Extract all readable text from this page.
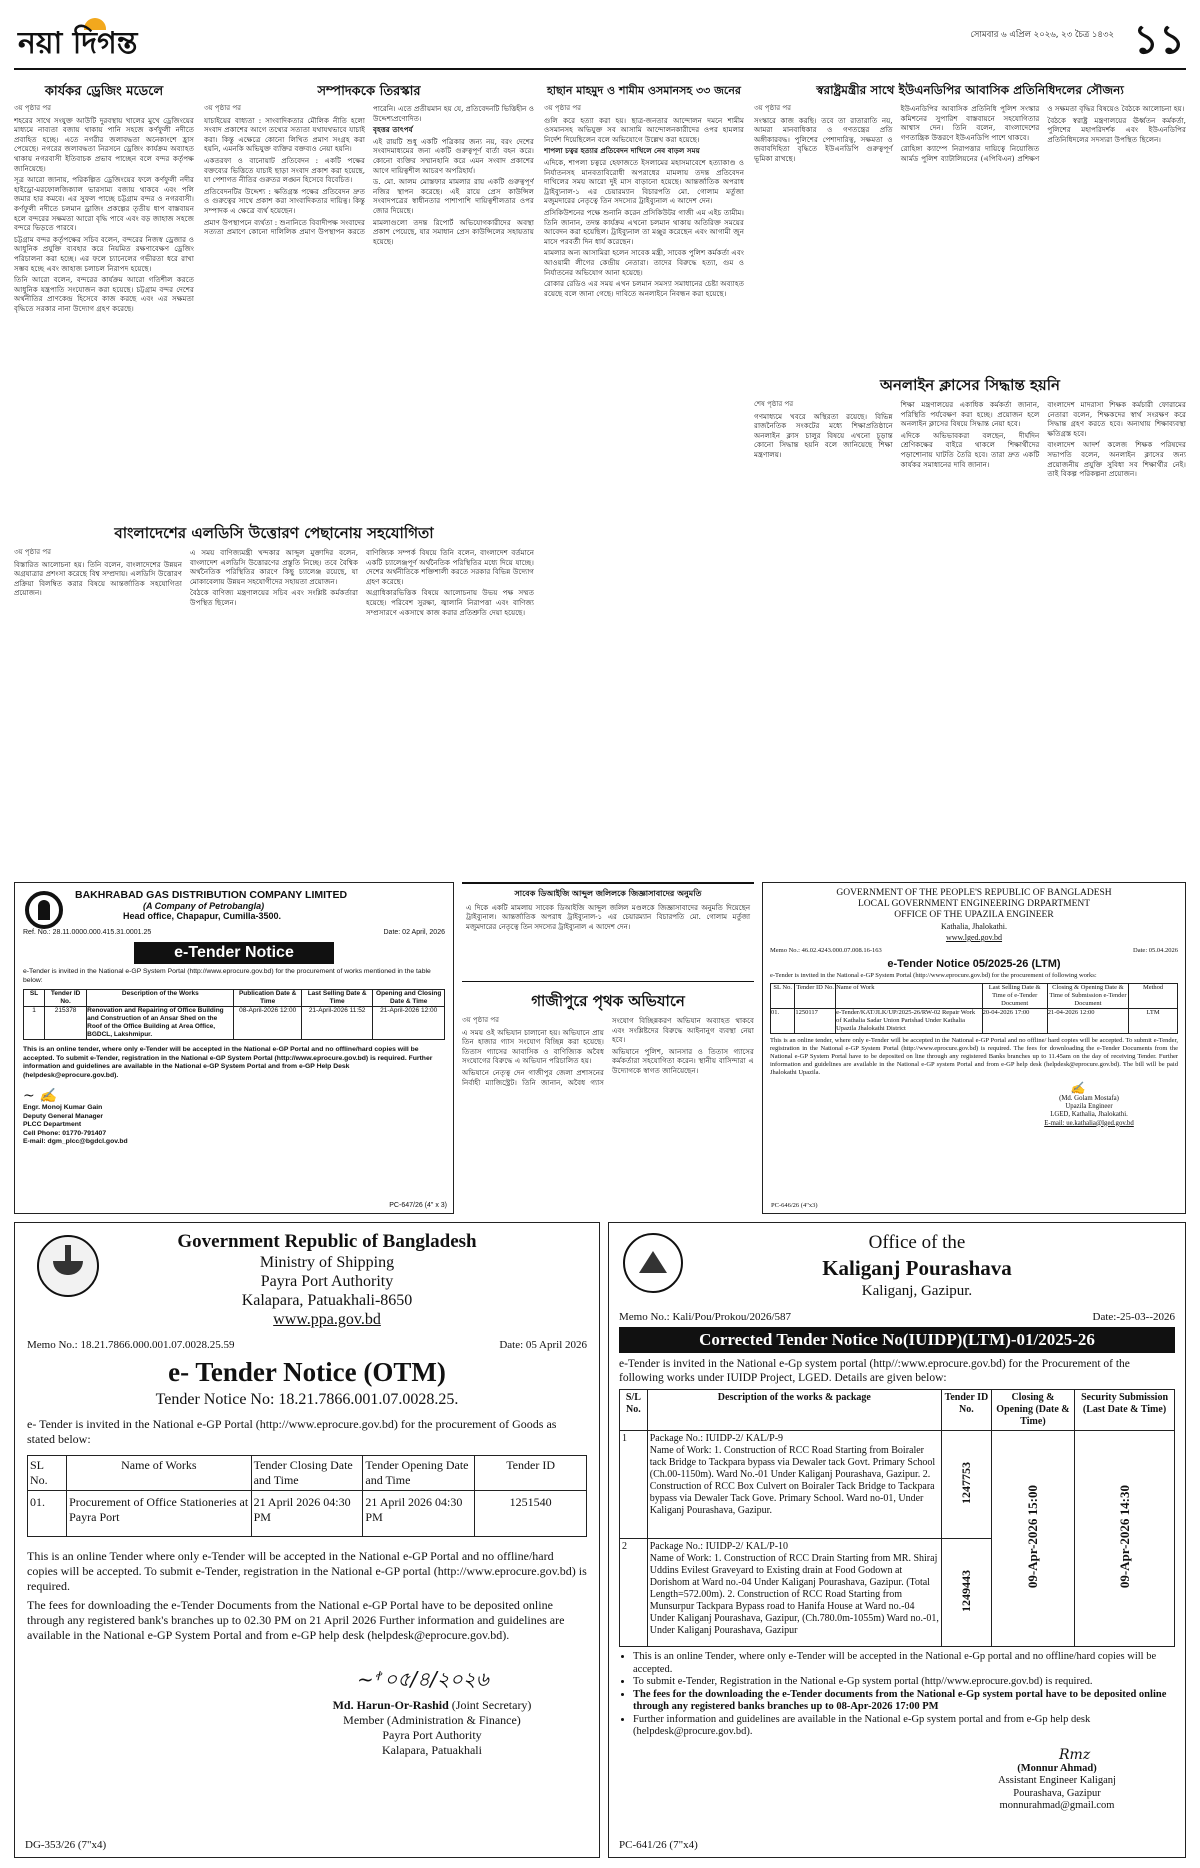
নয়া দিগন্ত	সোমবার ৬ এপ্রিল ২০২৬, ২৩ চৈত্র ১৪৩২ ১১
কার্যকর ড্রেজিং মডেলে
৩য় পৃষ্ঠার পর

শহরের সাথে সংযুক্ত আউটি দুরবস্থায় খালের মুখে ড্রেজিংয়ের মাধ্যমে নাব্যতা বজায় থাকায় পানি সহজে কর্ণফুলী নদীতে প্রবাহিত হচ্ছে। এতে নগরীর জলাবদ্ধতা অনেকাংশে হ্রাস পেয়েছে। নগরের জলাবদ্ধতা নিরসনে ড্রেজিং কার্যক্রম অব্যাহত থাকায় নগরবাসী ইতিবাচক প্রভাব পাচ্ছেন বলে বন্দর কর্তৃপক্ষ জানিয়েছে।

সূত্র আরো জানায়, পরিকল্পিত ড্রেজিংয়ের ফলে কর্ণফুলী নদীর হাইড্রো-মরফোলজিক্যাল ভারসাম্য বজায় থাকবে এবং পলি জমার হার কমবে। এর সুফল পাচ্ছে চট্টগ্রাম বন্দর ও নগরবাসী। কর্ণফুলী নদীতে চলমান ড্রাজিং প্রকল্পের তৃতীয় ধাপ বাস্তবায়ন হলে বন্দরের সক্ষমতা আরো বৃদ্ধি পাবে এবং বড় জাহাজ সহজে বন্দরে ভিড়তে পারবে।

চট্টগ্রাম বন্দর কর্তৃপক্ষের সচিব বলেন, বন্দরের নিজস্ব ড্রেজার ও আধুনিক প্রযুক্তি ব্যবহার করে নিয়মিত রক্ষণাবেক্ষণ ড্রেজিং পরিচালনা করা হচ্ছে। এর ফলে চ্যানেলের গভীরতা ধরে রাখা সম্ভব হচ্ছে এবং জাহাজ চলাচল নিরাপদ হয়েছে।

তিনি আরো বলেন, বন্দরের কার্যক্রম আরো গতিশীল করতে আধুনিক যন্ত্রপাতি সংযোজন করা হয়েছে। চট্টগ্রাম বন্দর দেশের অর্থনীতির প্রাণকেন্দ্র হিসেবে কাজ করছে এবং এর সক্ষমতা বৃদ্ধিতে সরকার নানা উদ্যোগ গ্রহণ করেছে।

সম্পাদককে তিরস্কার
৩য় পৃষ্ঠার পর

যাচাইয়ের বাধ্যতা : সাংবাদিকতার মৌলিক নীতি হলো সংবাদ প্রকাশের আগে তথ্যের সত্যতা যথাযথভাবে যাচাই করা। কিন্তু এক্ষেত্রে কোনো লিখিত প্রমাণ সংগ্রহ করা হয়নি, এমনকি অভিযুক্ত ব্যক্তির বক্তব্যও নেয়া হয়নি।

একতরফা ও বানোয়াট প্রতিবেদন : একটি পক্ষের বক্তব্যের ভিত্তিতে যাচাই ছাড়া সংবাদ প্রকাশ করা হয়েছে, যা পেশাগত নীতির গুরুতর লঙ্ঘন হিসেবে বিবেচিত।

প্রতিবেদনটির উদ্দেশ্য : ক্ষতিগ্রস্ত পক্ষের প্রতিবেদন দ্রুত ও গুরুত্বের সাথে প্রকাশ করা সাংবাদিকতার দায়িত্ব। কিন্তু সম্পাদক এ ক্ষেত্রে ব্যর্থ হয়েছেন।

প্রমাণ উপস্থাপনে ব্যর্থতা : শুনানিতে বিবাদীপক্ষ সংবাদের সত্যতা প্রমাণে কোনো দালিলিক প্রমাণ উপস্থাপন করতে পারেনি। এতে প্রতীয়মান হয় যে, প্রতিবেদনটি ভিত্তিহীন ও উদ্দেশ্যপ্রণোদিত।

বৃহত্তর তাৎপর্য

এই রায়টি শুধু একটি পত্রিকার জন্য নয়, বরং দেশের সংবাদমাধ্যমের জন্য একটি গুরুত্বপূর্ণ বার্তা বহন করে। কোনো ব্যক্তির সম্মানহানি করে এমন সংবাদ প্রকাশের আগে দায়িত্বশীল আচরণ অপরিহার্য।

ড. মো. আলম মোস্তফার মামলার রায় একটি গুরুত্বপূর্ণ নজির স্থাপন করেছে। এই রায়ে প্রেস কাউন্সিল সংবাদপত্রের স্বাধীনতার পাশাপাশি দায়িত্বশীলতার ওপর জোর দিয়েছে।

মামলাগুলো তদন্ত রিপোর্ট অভিযোগকারীদের অবস্থা প্রকাশ পেয়েছে, যার সমাধান প্রেস কাউন্সিলের সহায়তায় হয়েছে।

হাছান মাহমুদ ও শামীম ওসমানসহ ৩৩ জনের
৩য় পৃষ্ঠার পর

গুলি করে হত্যা করা হয়। ছাত্র-জনতার আন্দোলন দমনে শামীম ওসমানসহ অভিযুক্ত সব আসামি আন্দোলনকারীদের ওপর হামলার নির্দেশ দিয়েছিলেন বলে অভিযোগে উল্লেখ করা হয়েছে।

শাপলা চত্বর হত্যার প্রতিবেদন দাখিলে নেব বাড়ল সময়

এদিকে, শাপলা চত্বরে হেফাজতে ইসলামের মহাসমাবেশে হত্যাকাণ্ড ও নির্যাতনসহ মানবতাবিরোধী অপরাধের মামলায় তদন্ত প্রতিবেদন দাখিলের সময় আরো দুই মাস বাড়ানো হয়েছে। আন্তর্জাতিক অপরাধ ট্রাইব্যুনাল-১ এর চেয়ারম্যান বিচারপতি মো. গোলাম মর্তুজা মজুমদারের নেতৃত্বে তিন সদস্যের ট্রাইব্যুনাল এ আদেশ দেন।

প্রসিকিউশনের পক্ষে শুনানি করেন প্রসিকিউটর গাজী এম এইচ তামীম। তিনি জানান, তদন্ত কার্যক্রম এখনো চলমান থাকায় অতিরিক্ত সময়ের আবেদন করা হয়েছিল। ট্রাইব্যুনাল তা মঞ্জুর করেছেন এবং আগামী জুন মাসে পরবর্তী দিন ধার্য করেছেন।

মামলার অন্য আসামিরা হলেন সাবেক মন্ত্রী, সাবেক পুলিশ কর্মকর্তা এবং আওয়ামী লীগের কেন্দ্রীয় নেতারা। তাদের বিরুদ্ধে হত্যা, গুম ও নির্যাতনের অভিযোগ আনা হয়েছে।

রোকার রেডিও এর সময় এখন চলমান সমস্যা সমাধানের চেষ্টা অব্যাহত রয়েছে বলে জানা গেছে। দাবিতে অনলাইনে নিবন্ধন করা হয়েছে।

স্বরাষ্ট্রমন্ত্রীর সাথে ইউএনডিপির আবাসিক প্রতিনিধিদলের সৌজন্য
৩য় পৃষ্ঠার পর

সংস্কারে কাজ করছি। তবে তা রাতারাতি নয়, আমরা মানবাধিকার ও গণতন্ত্রের প্রতি অঙ্গীকারবদ্ধ। পুলিশের পেশাদারিত্ব, সক্ষমতা ও জবাবদিহিতা বৃদ্ধিতে ইউএনডিপি গুরুত্বপূর্ণ ভূমিকা রাখছে।

ইউএনডিপির আবাসিক প্রতিনিধি পুলিশ সংস্কার কমিশনের সুপারিশ বাস্তবায়নে সহযোগিতার আশ্বাস দেন। তিনি বলেন, বাংলাদেশের গণতান্ত্রিক উত্তরণে ইউএনডিপি পাশে থাকবে।

রোহিঙ্গা ক্যাম্পে নিরাপত্তার দায়িত্বে নিয়োজিত আর্মড পুলিশ ব্যাটালিয়নের (এপিবিএন) প্রশিক্ষণ ও সক্ষমতা বৃদ্ধির বিষয়েও বৈঠকে আলোচনা হয়।

বৈঠকে স্বরাষ্ট্র মন্ত্রণালয়ের ঊর্ধ্বতন কর্মকর্তা, পুলিশের মহাপরিদর্শক এবং ইউএনডিপির প্রতিনিধিদলের সদস্যরা উপস্থিত ছিলেন।

অনলাইন ক্লাসের সিদ্ধান্ত হয়নি
শেষ পৃষ্ঠার পর

গণমাধ্যমে খবরে অস্থিরতা রয়েছে। বিভিন্ন রাজনৈতিক সংকটের মধ্যে শিক্ষাপ্রতিষ্ঠানে অনলাইন ক্লাস চালুর বিষয়ে এখনো চূড়ান্ত কোনো সিদ্ধান্ত হয়নি বলে জানিয়েছে শিক্ষা মন্ত্রণালয়।

শিক্ষা মন্ত্রণালয়ের একাধিক কর্মকর্তা জানান, পরিস্থিতি পর্যবেক্ষণ করা হচ্ছে। প্রয়োজন হলে অনলাইন ক্লাসের বিষয়ে সিদ্ধান্ত নেয়া হবে।

এদিকে অভিভাবকরা বলছেন, দীর্ঘদিন শ্রেণিকক্ষের বাইরে থাকলে শিক্ষার্থীদের পড়াশোনায় ঘাটতি তৈরি হবে। তারা দ্রুত একটি কার্যকর সমাধানের দাবি জানান।

বাংলাদেশ মাদরাসা শিক্ষক কর্মচারী ফোরামের নেতারা বলেন, শিক্ষকদের স্বার্থ সংরক্ষণ করে সিদ্ধান্ত গ্রহণ করতে হবে। অন্যথায় শিক্ষাব্যবস্থা ক্ষতিগ্রস্ত হবে।

বাংলাদেশ আদর্শ কলেজ শিক্ষক পরিষদের সভাপতি বলেন, অনলাইন ক্লাসের জন্য প্রয়োজনীয় প্রযুক্তি সুবিধা সব শিক্ষার্থীর নেই। তাই বিকল্প পরিকল্পনা প্রয়োজন।

বাংলাদেশের এলডিসি উত্তোরণ পেছানোয় সহযোগিতা
৩য় পৃষ্ঠার পর

বিস্তারিত আলোচনা হয়। তিনি বলেন, বাংলাদেশের উন্নয়ন অগ্রযাত্রার প্রশংসা করেছে বিশ্ব সম্প্রদায়। এলডিসি উত্তোরণ প্রক্রিয়া বিলম্বিত করার বিষয়ে আন্তর্জাতিক সহযোগিতা প্রয়োজন।

এ সময় বাণিজ্যমন্ত্রী খন্দকার আব্দুল মুক্তাদির বলেন, বাংলাদেশ এলডিসি উত্তোরণের প্রস্তুতি নিচ্ছে। তবে বৈশ্বিক অর্থনৈতিক পরিস্থিতির কারণে কিছু চ্যালেঞ্জ রয়েছে, যা মোকাবেলায় উন্নয়ন সহযোগীদের সহায়তা প্রয়োজন।

বৈঠকে বাণিজ্য মন্ত্রণালয়ের সচিব এবং সংশ্লিষ্ট কর্মকর্তারা উপস্থিত ছিলেন।

বাণিজ্যিক সম্পর্ক বিষয়ে তিনি বলেন, বাংলাদেশ বর্তমানে একটি চ্যালেঞ্জপূর্ণ অর্থনৈতিক পরিস্থিতির মধ্যে দিয়ে যাচ্ছে। দেশের অর্থনীতিকে শক্তিশালী করতে সরকার বিভিন্ন উদ্যোগ গ্রহণ করেছে।

অগ্রাধিকারভিত্তিক বিষয়ে আলোচনায় উভয় পক্ষ সম্মত হয়েছে। পরিবেশ সুরক্ষা, জ্বালানি নিরাপত্তা এবং বাণিজ্য সম্প্রসারণে একসাথে কাজ করার প্রতিশ্রুতি দেয়া হয়েছে।

BAKHRABAD GAS DISTRIBUTION COMPANY LIMITED
(A Company of Petrobangla)
Head office, Chapapur, Cumilla-3500.
Ref. No.: 28.11.0000.000.415.31.0001.25	Date: 02 April, 2026
e-Tender Notice
e-Tender is invited in the National e-GP System Portal (http://www.eprocure.gov.bd) for the procurement of works mentioned in the table below:
SL	Tender ID No.	Description of the Works	Publication Date & Time	Last Selling Date & Time	Opening and Closing Date & Time
1	215378	Renovation and Repairing of Office Building and Construction of an Ansar Shed on the Roof of the Office Building at Area Office, BGDCL, Lakshmipur.	08-April-2026 12:00	21-April-2026 11:52	21-April-2026 12:00
This is an online tender, where only e-Tender will be accepted in the National e-GP Portal and no offline/hard copies will be accepted. To submit e-Tender, registration in the National e-GP System Portal (http://www.eprocure.gov.bd) is required. Further information and guidelines are available in the National e-GP System Portal and from e-GP Help Desk (helpdesk@eprocure.gov.bd).
~ ✍
Engr. Monoj Kumar Gain
Deputy General Manager
PLCC Department
Cell Phone: 01770-791407
E-mail: dgm_plcc@bgdcl.gov.bd
PC-647/26 (4" x 3)
সাবেক ডিআইজি আব্দুল জলিলকে জিজ্ঞাসাবাদের অনুমতি
এ দিকে একটি মামলায় সাবেক ডিআইজি আব্দুল জলিল মণ্ডলকে জিজ্ঞাসাবাদের অনুমতি দিয়েছেন ট্রাইব্যুনাল। আন্তর্জাতিক অপরাধ ট্রাইব্যুনাল-১ এর চেয়ারম্যান বিচারপতি মো. গোলাম মর্তুজা মজুমদারের নেতৃত্বে তিন সদস্যের ট্রাইব্যুনাল এ আদেশ দেন।
গাজীপুরে পৃথক অভিযানে
৩য় পৃষ্ঠার পর

এ সময় ওই অভিযান চালানো হয়। অভিযানে প্রায় তিন হাজার গ্যাস সংযোগ বিচ্ছিন্ন করা হয়েছে। তিতাস গ্যাসের আবাসিক ও বাণিজ্যিক অবৈধ সংযোগের বিরুদ্ধে এ অভিযান পরিচালিত হয়।

অভিযানে নেতৃত্ব দেন গাজীপুর জেলা প্রশাসনের নির্বাহী ম্যাজিস্ট্রেট। তিনি জানান, অবৈধ গ্যাস সংযোগ বিচ্ছিন্নকরণ অভিযান অব্যাহত থাকবে এবং সংশ্লিষ্টদের বিরুদ্ধে আইনানুগ ব্যবস্থা নেয়া হবে।

অভিযানে পুলিশ, আনসার ও তিতাস গ্যাসের কর্মকর্তারা সহযোগিতা করেন। স্থানীয় বাসিন্দারা এ উদ্যোগকে স্বাগত জানিয়েছেন।

GOVERNMENT OF THE PEOPLE'S REPUBLIC OF BANGLADESH
LOCAL GOVERNMENT ENGINEERING DRPARTMENT
OFFICE OF THE UPAZILA ENGINEER
Kathalia, Jhalokathi.
www.lged.gov.bd
Memo No.: 46.02.4243.000.07.008.16-163	Date: 05.04.2026
e-Tender Notice 05/2025-26 (LTM)
e-Tender is invited in the National e-GP System Portal (http://www.eprocure.gov.bd) for the procurement of following works:
SL No.	Tender ID No.	Name of Work	Last Selling Date & Time of e-Tender Document	Closing & Opening Date & Time of Submission e-Tender Document	Method
01.	1250117	e-Tender/KAT/JLK/UP/2025-26/RW-02 Repair Work of Kathalia Sadar Union Parishad Under Kathalia Upazila Jhalokathi District	20-04-2026 17:00	21-04-2026 12:00	LTM
This is an online tender, where only e-Tender will be accepted in the National e-GP Portal and no offline/ hard copies will be accepted. To submit e-Tender, registration in the National e-GP System Portal (http://www.eprocure.gov.bd) is required. The fees for downloading the e-Tender Documents from the National e-GP System Portal have to be deposited on line through any registered Banks branches up to 11.45am on the day of receiving Tender. Further information and guidelines are available in the National e-GP system Portal and from e-GP help desk (helpdesk@eprocure.gov.bd). The bill will be paid Jhalokathi Upazila.
✍
(Md. Golam Mostafa)
Upazila Engineer
LGED, Kathalia, Jhalokathi.
E-mail: ue.kathalia@lged.gov.bd
PC-646/26 (4"x3)
Government Republic of Bangladesh
Ministry of Shipping
Payra Port Authority
Kalapara, Patuakhali-8650
www.ppa.gov.bd
Memo No.: 18.21.7866.000.001.07.0028.25.59	Date: 05 April 2026
e- Tender Notice (OTM)
Tender Notice No: 18.21.7866.001.07.0028.25.
e- Tender is invited in the National e-GP Portal (http://www.eprocure.gov.bd) for the procurement of Goods as stated below:
SL No.	Name of Works	Tender Closing Date and Time	Tender Opening Date and Time	Tender ID
01.	Procurement of Office Stationeries at Payra Port	21 April 2026 04:30 PM	21 April 2026 04:30 PM	1251540
This is an online Tender where only e-Tender will be accepted in the National e-GP Portal and no offline/hard copies will be accepted. To submit e-Tender, registration in the National e-GP portal (http://www.eprocure.gov.bd) is required.
The fees for downloading the e-Tender Documents from the National e-GP Portal have to be deposited online through any registered bank's branches up to 02.30 PM on 21 April 2026 Further information and guidelines are available in the National e-GP System Portal and from e-GP help desk (helpdesk@eprocure.gov.bd).
~ꭝ ০৫/৪/২০২৬
Md. Harun-Or-Rashid (Joint Secretary)
Member (Administration & Finance)
Payra Port Authority
Kalapara, Patuakhali
DG-353/26 (7"x4)
Office of the
Kaliganj Pourashava
Kaliganj, Gazipur.
Memo No.: Kali/Pou/Prokou/2026/587	Date:-25-03--2026
Corrected Tender Notice No(IUIDP)(LTM)-01/2025-26
e-Tender is invited in the National e-Gp system portal (http//:www.eprocure.gov.bd) for the Procurement of the following works under IUIDP Project, LGED. Details are given below:
S/L No.	Description of the works & package	Tender ID No.	Closing & Opening (Date & Time)	Security Submission (Last Date & Time)
1	Package No.: IUIDP-2/ KAL/P-9
Name of Work: 1. Construction of RCC Road Starting from Boiraler tack Bridge to Tackpara bypass via Dewaler tack Govt. Primary School (Ch.00-1150m). Ward No.-01 Under Kaliganj Pourashava, Gazipur. 2. Construction of RCC Box Culvert on Boiraler Tack Bridge to Tackpara bypass via Dewaler Tack Gove. Primary School. Ward no-01, Under Kaliganj Pourashava, Gazipur.	1247753	09-Apr-2026 15:00	09-Apr-2026 14:30
2	Package No.: IUIDP-2/ KAL/P-10
Name of Work: 1. Construction of RCC Drain Starting from MR. Shiraj Uddins Evilest Graveyard to Existing drain at Food Godown at Dorishom at Ward no.-04 Under Kaliganj Pourashava, Gazipur. (Total Length=572.00m). 2. Construction of RCC Road Starting from Munsurpur Tackpara Bypass road to Hanifa House at Ward no.-04 Under Kaliganj Pourashava, Gazipur, (Ch.780.0m-1055m) Ward no.-01, Under Kaliganj Pourashava, Gazipur	1249443		
• This is an online Tender, where only e-Tender will be accepted in the National e-Gp portal and no offline/hard copies will be accepted.
• To submit e-Tender, Registration in the National e-Gp system portal (http//www.eprocure.gov.bd) is required.
• The fees for the downloading the e-Tender documents from the National e-Gp system portal have to be deposited online through any registered banks branches up to 08-Apr-2026 17:00 PM
• Further information and guidelines are available in the National e-Gp system portal and from e-Gp help desk (helpdesk@procure.gov.bd).
Rmz
(Monnur Ahmad)
Assistant Engineer Kaliganj
Pourashava, Gazipur
monnurahmad@gmail.com
PC-641/26 (7"x4)
